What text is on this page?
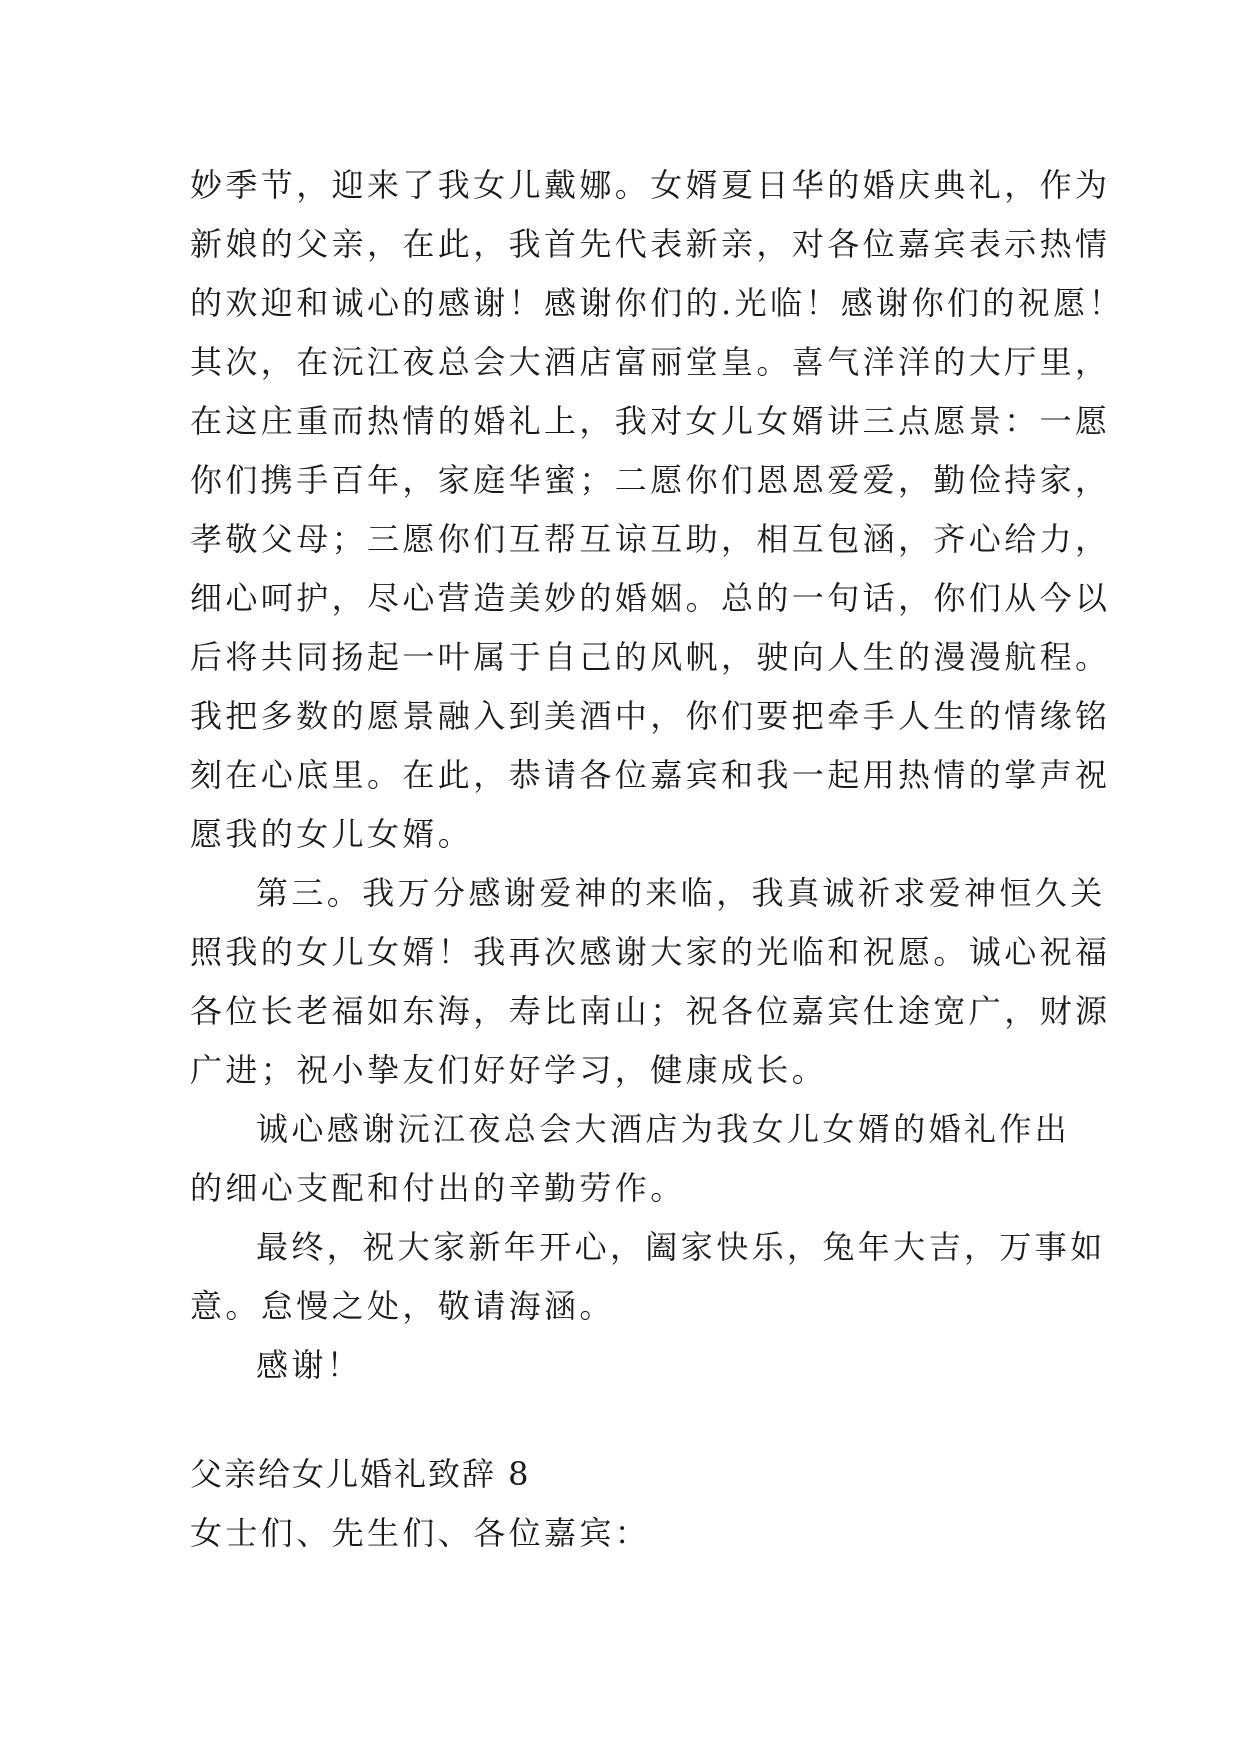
妙季节，迎来了我女儿戴娜。女婿夏日华的婚庆典礼，作为
新娘的父亲，在此，我首先代表新亲，对各位嘉宾表示热情
的欢迎和诚心的感谢！感谢你们的.光临！感谢你们的祝愿！
其次，在沅江夜总会大酒店富丽堂皇。喜气洋洋的大厅里，
在这庄重而热情的婚礼上，我对女儿女婿讲三点愿景：一愿
你们携手百年，家庭华蜜；二愿你们恩恩爱爱，勤俭持家，
孝敬父母；三愿你们互帮互谅互助，相互包涵，齐心给力，
细心呵护，尽心营造美妙的婚姻。总的一句话，你们从今以
后将共同扬起一叶属于自己的风帆，驶向人生的漫漫航程。
我把多数的愿景融入到美酒中，你们要把牵手人生的情缘铭
刻在心底里。在此，恭请各位嘉宾和我一起用热情的掌声祝
愿我的女儿女婿。
第三。我万分感谢爱神的来临，我真诚祈求爱神恒久关
照我的女儿女婿！我再次感谢大家的光临和祝愿。诚心祝福
各位长老福如东海，寿比南山；祝各位嘉宾仕途宽广，财源
广进；祝小挚友们好好学习，健康成长。
诚心感谢沅江夜总会大酒店为我女儿女婿的婚礼作出
的细心支配和付出的辛勤劳作。
最终，祝大家新年开心，阖家快乐，兔年大吉，万事如
意。怠慢之处，敬请海涵。
感谢！
父亲给女儿婚礼致辞 8
女士们、先生们、各位嘉宾：
